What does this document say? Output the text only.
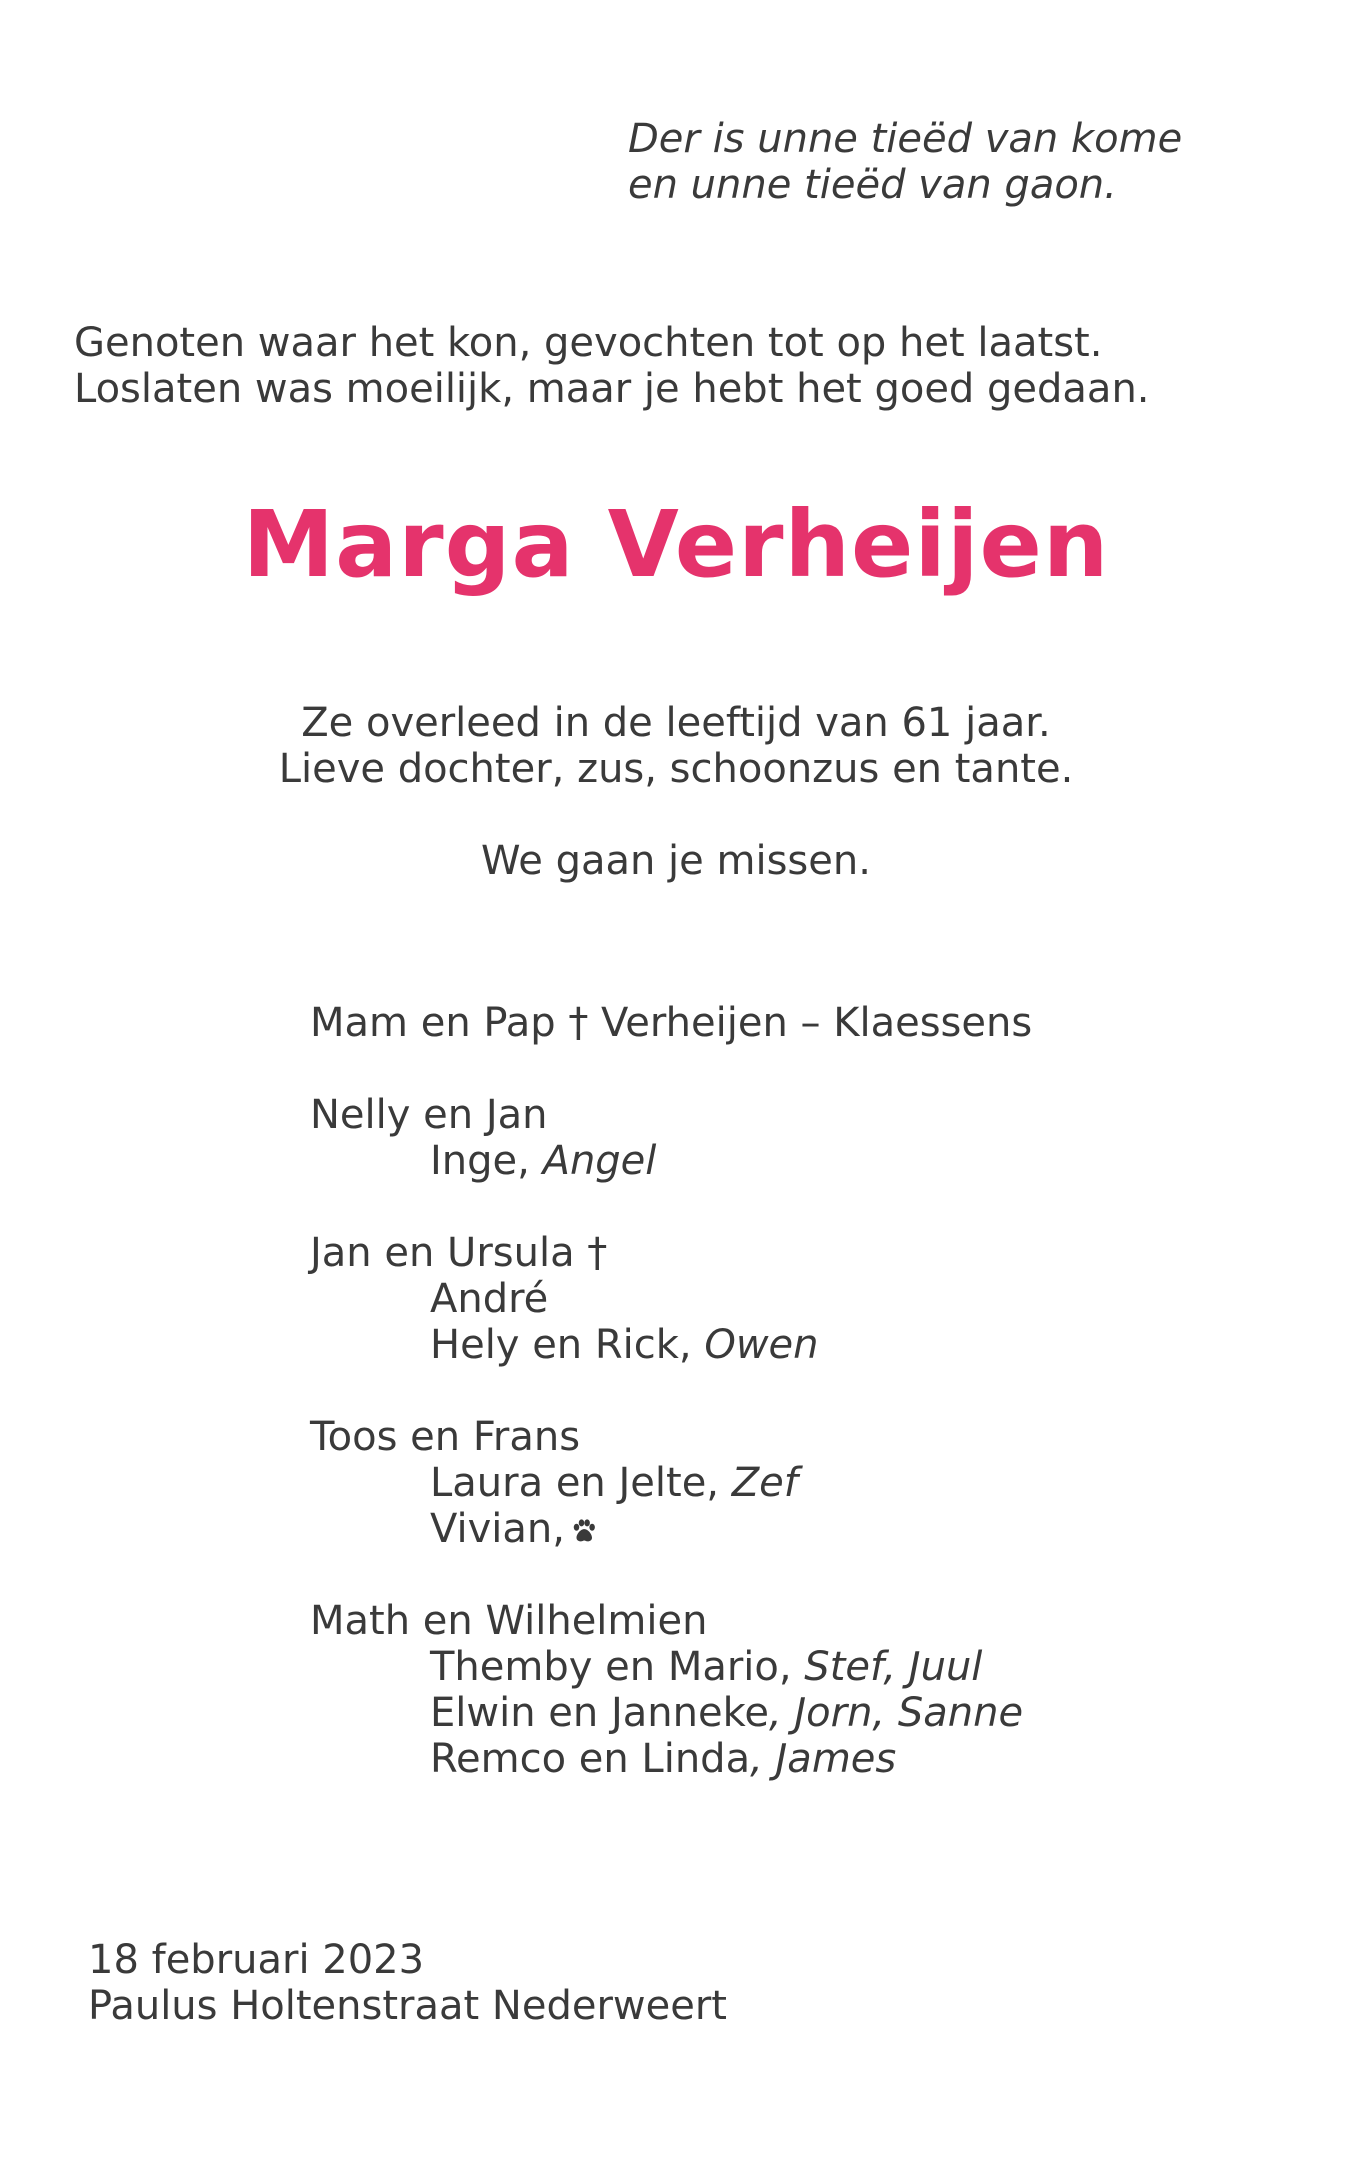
Der is unne tieëd van kome
en unne tieëd van gaon.
Genoten waar het kon, gevochten tot op het laatst.
Loslaten was moeilijk, maar je hebt het goed gedaan.
Marga Verheijen
Ze overleed in de leeftijd van 61 jaar.
Lieve dochter, zus, schoonzus en tante.
We gaan je missen.
Mam en Pap † Verheijen – Klaessens
Nelly en Jan
Inge, Angel
Jan en Ursula †
André
Hely en Rick, Owen
Toos en Frans
Laura en Jelte, Zef
Vivian,
Math en Wilhelmien
Themby en Mario, Stef, Juul
Elwin en Janneke, Jorn, Sanne
Remco en Linda, James
18 februari 2023
Paulus Holtenstraat Nederweert
